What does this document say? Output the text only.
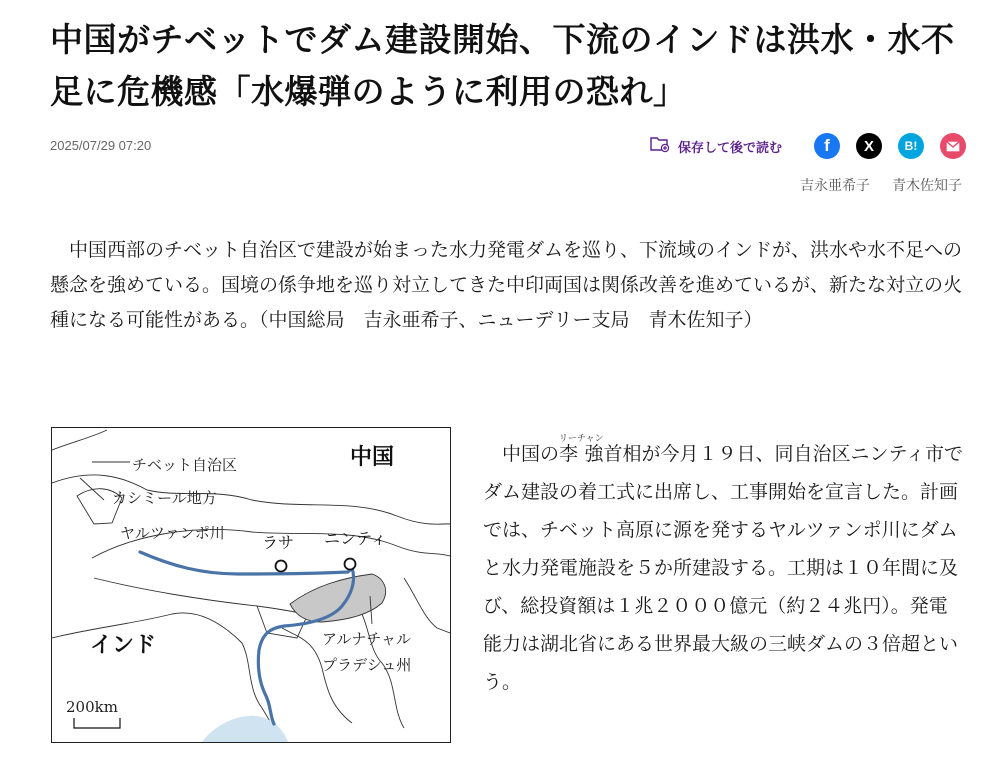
中国がチベットでダム建設開始、下流のインドは洪水・水不足に危機感「水爆弾のように利用の恐れ」
2025/07/29 07:20	保存して後で読む f X	B!
吉永亜希子 青木佐知子

中国西部のチベット自治区で建設が始まった水力発電ダムを巡り、下流域のインドが、洪水や水不足への懸念を強めている。国境の係争地を巡り対立してきた中印両国は関係改善を進めているが、新たな対立の火種になる可能性がある。（中国総局　吉永亜希子、ニューデリー支局　青木佐知子）

中国
チベット自治区
カシミール地方
ヤルツァンポ川 ラサ ニンティ
インド	アルナチャル
プラデシュ州
200km

中国の李 強リーチャン首相が今月１９日、同自治区ニンティ市でダム建設の着工式に出席し、工事開始を宣言した。計画では、チベット高原に源を発するヤルツァンポ川にダムと水力発電施設を５か所建設する。工期は１０年間に及び、総投資額は１兆２０００億元（約２４兆円）。発電能力は湖北省にある世界最大級の三峡ダムの３倍超という。
